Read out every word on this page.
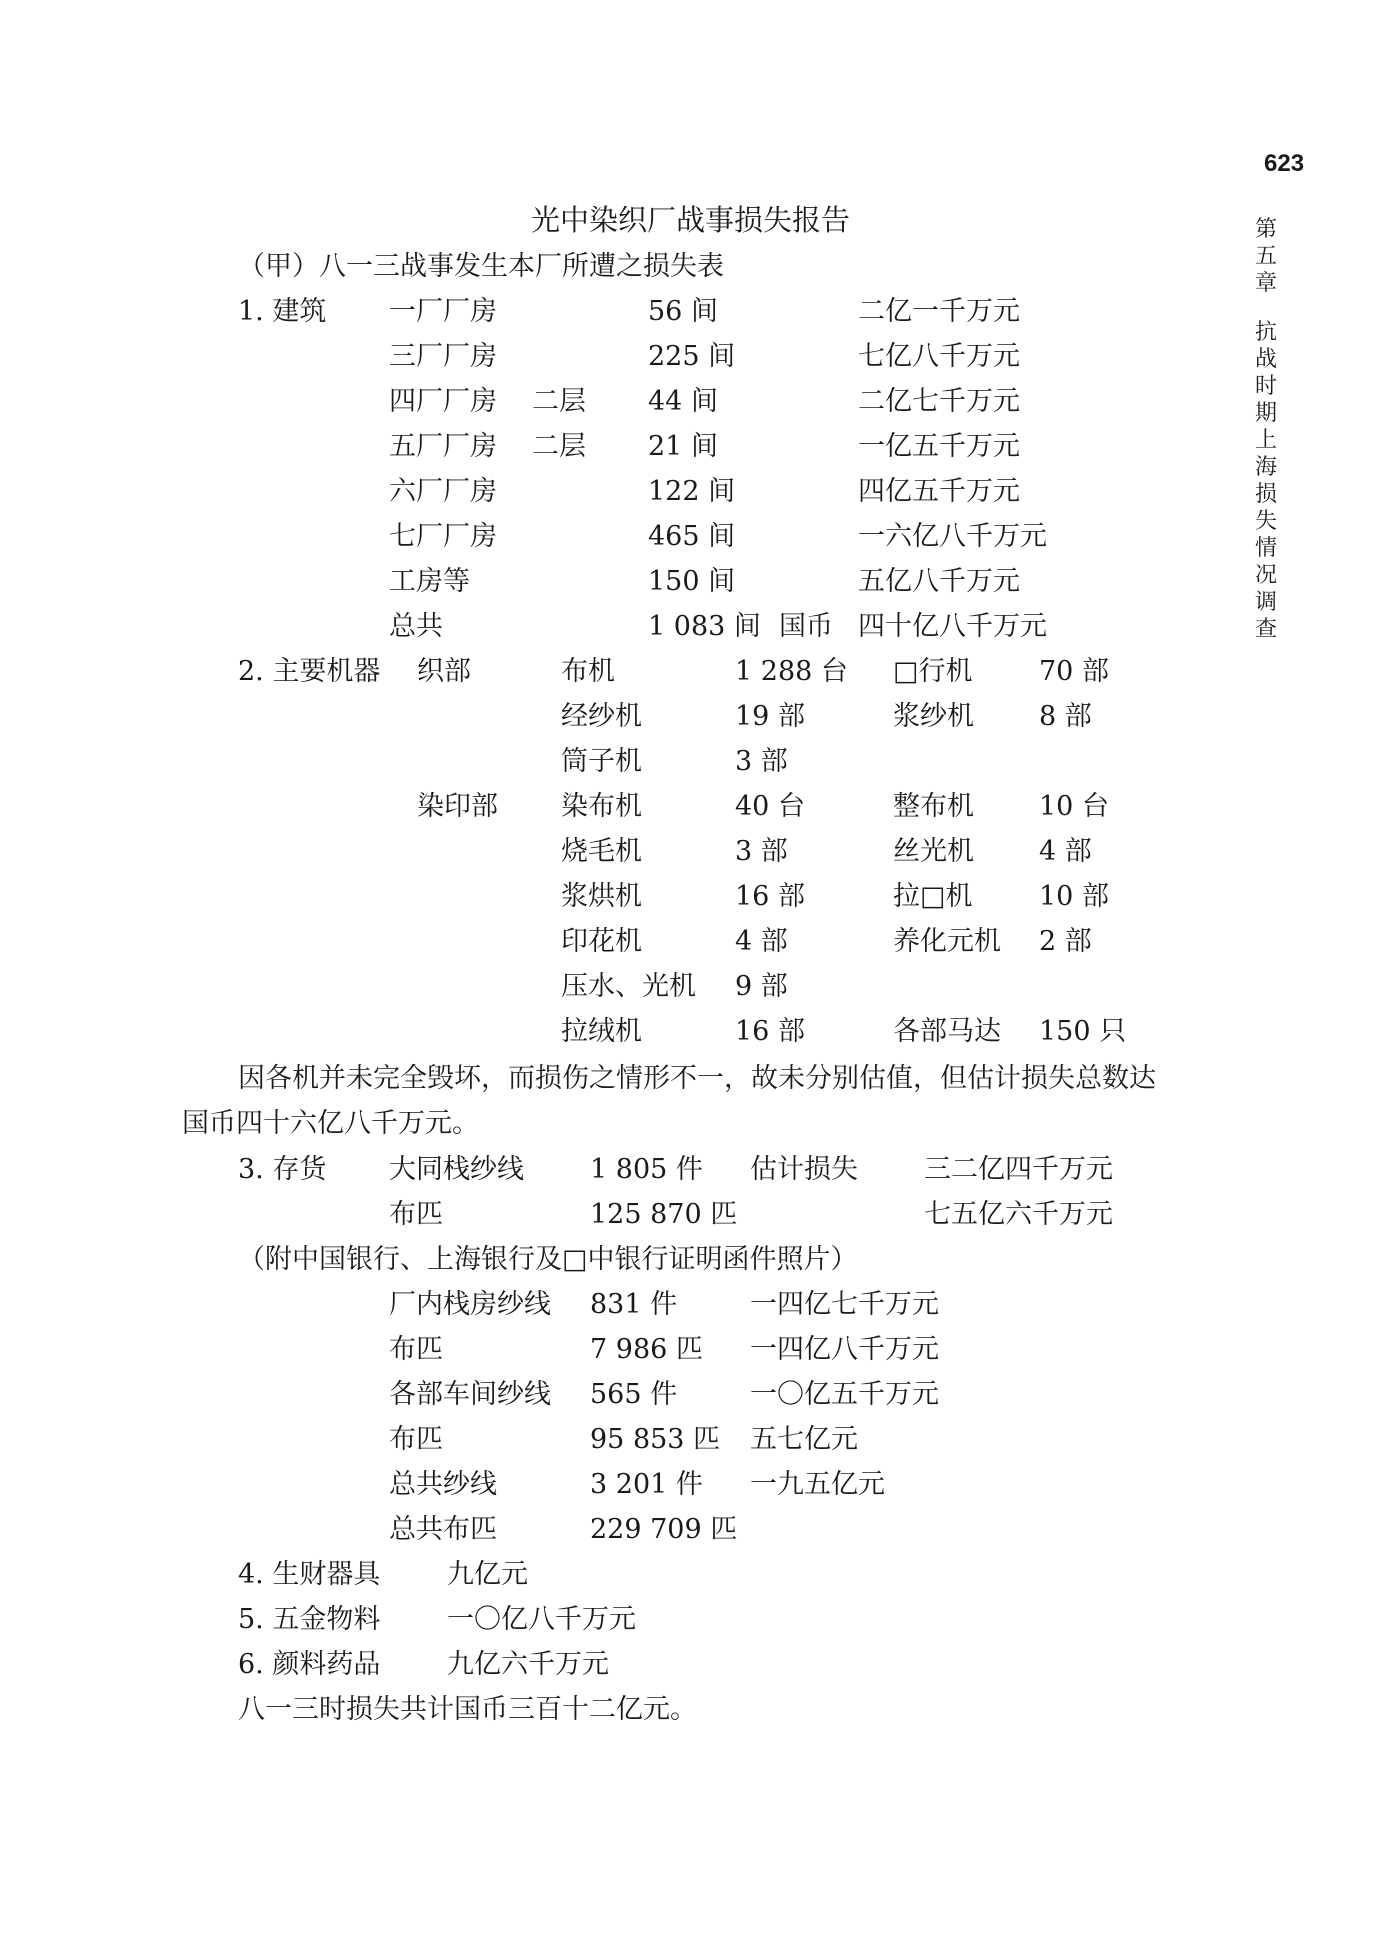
623
第五章
抗战时期上海损失情况调查
光中染织厂战事损失报告
（甲）八一三战事发生本厂所遭之损失表
1. 建筑 一厂厂房	56 间	二亿一千万元
三厂厂房	225 间	七亿八千万元
四厂厂房 二层 44 间	二亿七千万元
五厂厂房 二层 21 间	一亿五千万元
六厂厂房	122 间	四亿五千万元
七厂厂房	465 间	一六亿八千万元
工房等	150 间	五亿八千万元
总共	1 083 间 国币 四十亿八千万元
2. 主要机器 织部	布机	1 288 台 □行机 70 部
经纱机	19 部	浆纱机 8 部
筒子机	3 部
染印部 染布机	40 台	整布机 10 台
烧毛机	3 部	丝光机 4 部
浆烘机	16 部	拉□机 10 部
印花机	4 部	养化元机 2 部
压水、光机 9 部
拉绒机	16 部	各部马达 150 只
因各机并未完全毁坏，而损伤之情形不一，故未分别估值，但估计损失总数达
国币四十六亿八千万元。
3. 存货 大同栈纱线 1 805 件 估计损失 三二亿四千万元
布匹	125 870 匹	七五亿六千万元
（附中国银行、上海银行及□中银行证明函件照片）
厂内栈房纱线 831 件	一四亿七千万元
布匹	7 986 匹 一四亿八千万元
各部车间纱线 565 件	一〇亿五千万元
布匹	95 853 匹 五七亿元
总共纱线	3 201 件 一九五亿元
总共布匹	229 709 匹
4. 生财器具 九亿元
5. 五金物料 一〇亿八千万元
6. 颜料药品 九亿六千万元
八一三时损失共计国币三百十二亿元。
